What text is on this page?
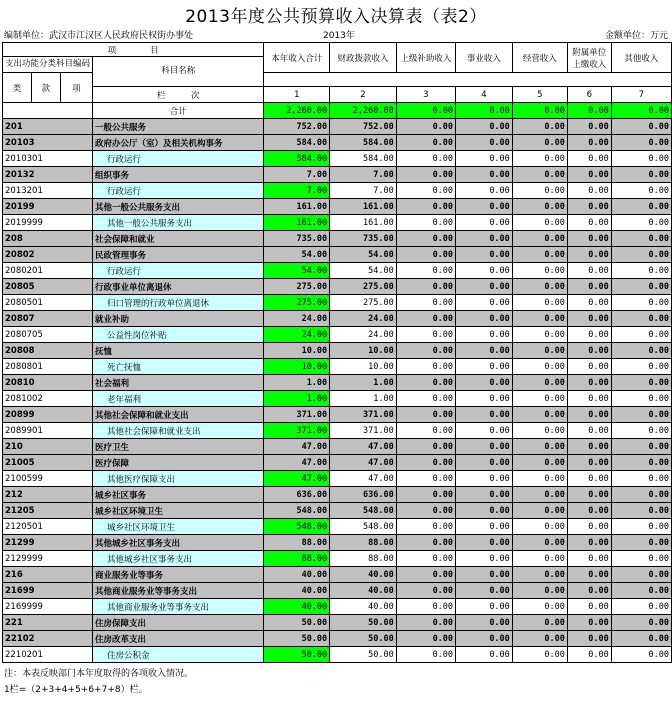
2013年度公共预算收入决算表（表2）
编制单位：武汉市江汉区人民政府民权街办事处	2013年	金额单位：万元
项　　　　目				本年收入合计	财政拨款收入	上级补助收入	事业收入	经营收入	附属单位上缴收入	其他收入
支出功能分类科目编码			科目名称							
类	款	项								
			栏　　　次	1	2	3	4	5	6	7
			合计	2,260.00	2,260.00	0.00	0.00	0.00	0.00	0.00
201			一般公共服务	752.00	752.00	0.00	0.00	0.00	0.00	0.00
20103			政府办公厅（室）及相关机构事务	584.00	584.00	0.00	0.00	0.00	0.00	0.00
2010301			行政运行	584.00	584.00	0.00	0.00	0.00	0.00	0.00
20132			组织事务	7.00	7.00	0.00	0.00	0.00	0.00	0.00
2013201			行政运行	7.00	7.00	0.00	0.00	0.00	0.00	0.00
20199			其他一般公共服务支出	161.00	161.00	0.00	0.00	0.00	0.00	0.00
2019999			其他一般公共服务支出	161.00	161.00	0.00	0.00	0.00	0.00	0.00
208			社会保障和就业	735.00	735.00	0.00	0.00	0.00	0.00	0.00
20802			民政管理事务	54.00	54.00	0.00	0.00	0.00	0.00	0.00
2080201			行政运行	54.00	54.00	0.00	0.00	0.00	0.00	0.00
20805			行政事业单位离退休	275.00	275.00	0.00	0.00	0.00	0.00	0.00
2080501			归口管理的行政单位离退休	275.00	275.00	0.00	0.00	0.00	0.00	0.00
20807			就业补助	24.00	24.00	0.00	0.00	0.00	0.00	0.00
2080705			公益性岗位补贴	24.00	24.00	0.00	0.00	0.00	0.00	0.00
20808			抚恤	10.00	10.00	0.00	0.00	0.00	0.00	0.00
2080801			死亡抚恤	10.00	10.00	0.00	0.00	0.00	0.00	0.00
20810			社会福利	1.00	1.00	0.00	0.00	0.00	0.00	0.00
2081002			老年福利	1.00	1.00	0.00	0.00	0.00	0.00	0.00
20899			其他社会保障和就业支出	371.00	371.00	0.00	0.00	0.00	0.00	0.00
2089901			其他社会保障和就业支出	371.00	371.00	0.00	0.00	0.00	0.00	0.00
210			医疗卫生	47.00	47.00	0.00	0.00	0.00	0.00	0.00
21005			医疗保障	47.00	47.00	0.00	0.00	0.00	0.00	0.00
2100599			其他医疗保障支出	47.00	47.00	0.00	0.00	0.00	0.00	0.00
212			城乡社区事务	636.00	636.00	0.00	0.00	0.00	0.00	0.00
21205			城乡社区环境卫生	548.00	548.00	0.00	0.00	0.00	0.00	0.00
2120501			城乡社区环境卫生	548.00	548.00	0.00	0.00	0.00	0.00	0.00
21299			其他城乡社区事务支出	88.00	88.00	0.00	0.00	0.00	0.00	0.00
2129999			其他城乡社区事务支出	88.00	88.00	0.00	0.00	0.00	0.00	0.00
216			商业服务业等事务	40.00	40.00	0.00	0.00	0.00	0.00	0.00
21699			其他商业服务业等事务支出	40.00	40.00	0.00	0.00	0.00	0.00	0.00
2169999			其他商业服务业等事务支出	40.00	40.00	0.00	0.00	0.00	0.00	0.00
221			住房保障支出	50.00	50.00	0.00	0.00	0.00	0.00	0.00
22102			住房改革支出	50.00	50.00	0.00	0.00	0.00	0.00	0.00
2210201			住房公积金	50.00	50.00	0.00	0.00	0.00	0.00	0.00
注：本表反映部门本年度取得的各项收入情况。
1栏=（2+3+4+5+6+7+8）栏。
